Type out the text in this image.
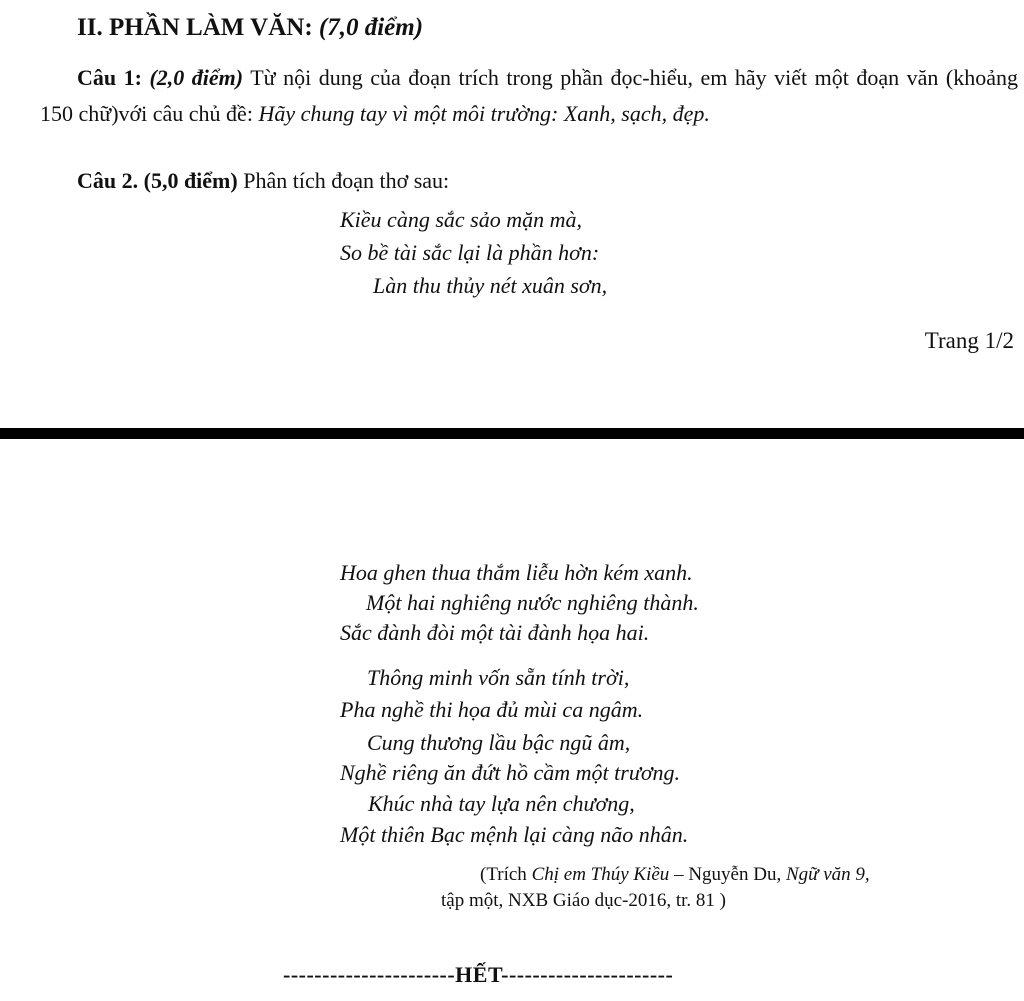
II. PHẦN LÀM VĂN: (7,0 điểm)
Câu 1: (2,0 điểm) Từ nội dung của đoạn trích trong phần đọc-hiểu, em hãy viết một đoạn văn (khoảng 150 chữ)với câu chủ đề: Hãy chung tay vì một môi trường: Xanh, sạch, đẹp.
Câu 2. (5,0 điểm) Phân tích đoạn thơ sau:
Kiều càng sắc sảo mặn mà,
So bề tài sắc lại là phần hơn:
Làn thu thủy nét xuân sơn,
Trang 1/2
Hoa ghen thua thắm liễu hờn kém xanh.
Một hai nghiêng nước nghiêng thành.
Sắc đành đòi một tài đành họa hai.
Thông minh vốn sẵn tính trời,
Pha nghề thi họa đủ mùi ca ngâm.
Cung thương lầu bậc ngũ âm,
Nghề riêng ăn đứt hồ cầm một trương.
Khúc nhà tay lựa nên chương,
Một thiên Bạc mệnh lại càng não nhân.
(Trích Chị em Thúy Kiều – Nguyễn Du, Ngữ văn 9,
tập một, NXB Giáo dục-2016, tr. 81 )
----------------------HẾT----------------------
